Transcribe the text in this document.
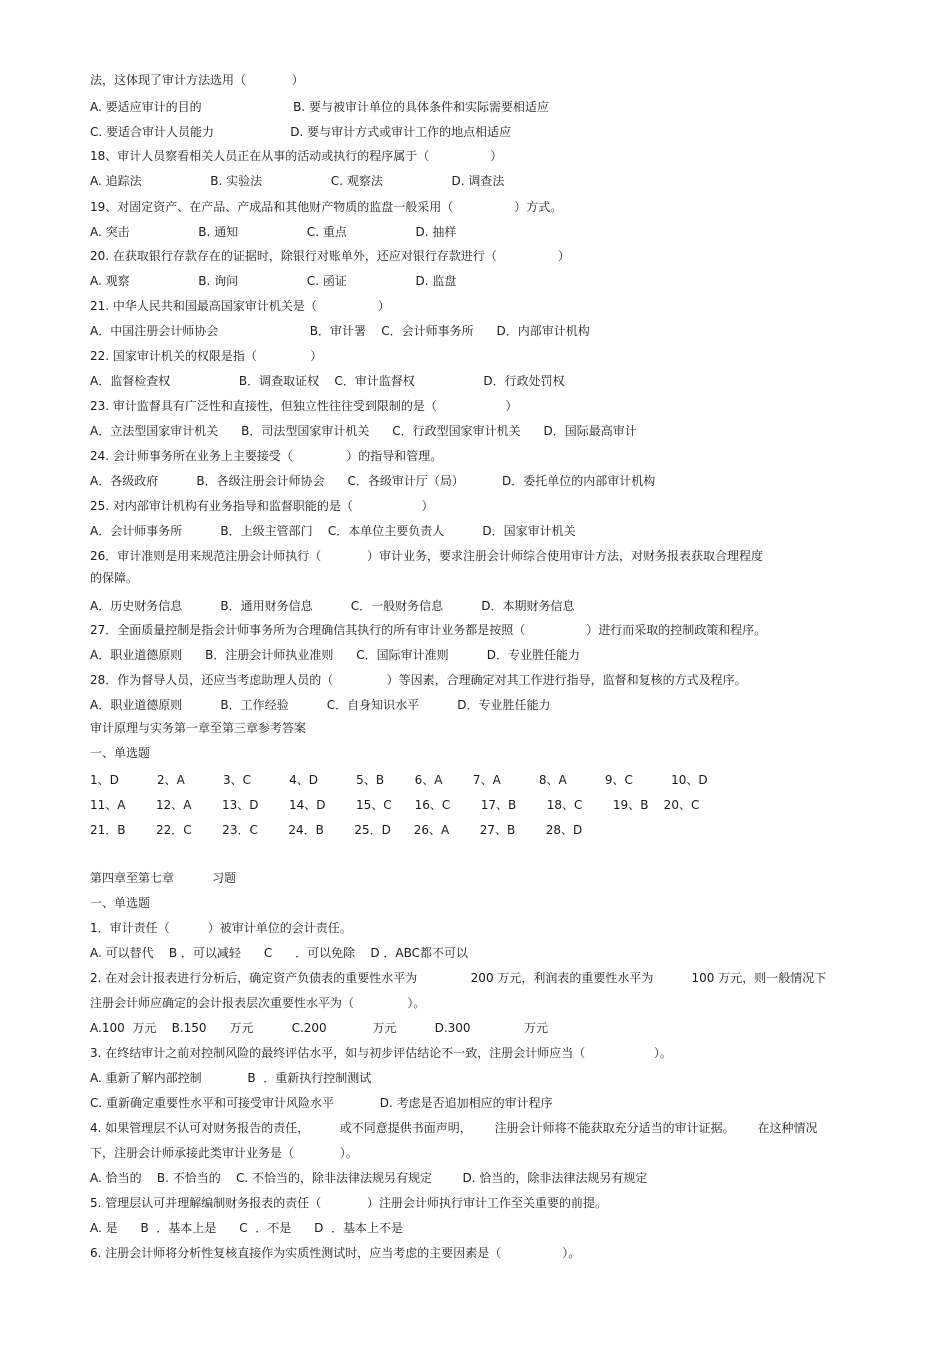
法，这体现了审计方法选用（            ）
A. 要适应审计的目的                        B. 要与被审计单位的具体条件和实际需要相适应
C. 要适合审计人员能力                    D. 要与审计方式或审计工作的地点相适应
18、审计人员察看相关人员正在从事的活动或执行的程序属于（                ）
A. 追踪法                  B. 实验法                  C. 观察法                  D. 调查法
19、对固定资产、在产品、产成品和其他财产物质的监盘一般采用（                ）方式。
A. 突击                  B. 通知                  C. 重点                  D. 抽样
20. 在获取银行存款存在的证据时，除银行对账单外，还应对银行存款进行（                ）
A. 观察                  B. 询问                  C. 函证                  D. 监盘
21. 中华人民共和国最高国家审计机关是（                ）
A．中国注册会计师协会                        B．审计署    C．会计师事务所      D．内部审计机构
22. 国家审计机关的权限是指（              ）
A．监督检查权                  B．调查取证权    C．审计监督权                  D．行政处罚权
23. 审计监督具有广泛性和直接性，但独立性往往受到限制的是（                  ）
A．立法型国家审计机关      B．司法型国家审计机关      C．行政型国家审计机关      D．国际最高审计
24. 会计师事务所在业务上主要接受（              ）的指导和管理。
A．各级政府          B．各级注册会计师协会      C．各级审计厅（局）          D．委托单位的内部审计机构
25. 对内部审计机构有业务指导和监督职能的是（                  ）
A．会计师事务所          B．上级主管部门    C．本单位主要负责人          D．国家审计机关
26．审计准则是用来规范注册会计师执行（            ）审计业务，要求注册会计师综合使用审计方法，对财务报表获取合理程度
的保障。
A．历史财务信息          B．通用财务信息          C．一般财务信息          D．本期财务信息
27．全面质量控制是指会计师事务所为合理确信其执行的所有审计业务都是按照（                ）进行而采取的控制政策和程序。
A．职业道德原则      B．注册会计师执业准则      C．国际审计准则          D．专业胜任能力
28．作为督导人员，还应当考虑助理人员的（              ）等因素，合理确定对其工作进行指导，监督和复核的方式及程序。
A．职业道德原则          B．工作经验          C．自身知识水平          D．专业胜任能力
审计原理与实务第一章至第三章参考答案
一、单选题
1、D          2、A          3、C          4、D          5、B        6、A        7、A          8、A          9、C          10、D
11、A        12、A        13、D        14、D        15、C      16、C        17、B        18、C        19、B    20、C
21．B        22．C        23．C        24．B        25．D      26、A        27、B        28、D
第四章至第七章          习题
一、单选题
1．审计责任（          ）被审计单位的会计责任。
A. 可以替代    B ．可以减轻      C      ．可以免除    D ．ABC都不可以
2. 在对会计报表进行分析后，确定资产负债表的重要性水平为              200 万元，利润表的重要性水平为          100 万元，则一般情况下
注册会计师应确定的会计报表层次重要性水平为（              ）。
A.100  万元    B.150      万元          C.200            万元          D.300              万元
3. 在终结审计之前对控制风险的最终评估水平，如与初步评估结论不一致，注册会计师应当（                  ）。
A. 重新了解内部控制            B  ．重新执行控制测试
C. 重新确定重要性水平和可接受审计风险水平            D. 考虑是否追加相应的审计程序
4. 如果管理层不认可对财务报告的责任，        或不同意提供书面声明，      注册会计师将不能获取充分适当的审计证据。      在这种情况
下，注册会计师承接此类审计业务是（            ）。
A. 恰当的    B. 不恰当的    C. 不恰当的，除非法律法规另有规定        D. 恰当的，除非法律法规另有规定
5. 管理层认可并理解编制财务报表的责任（            ）注册会计师执行审计工作至关重要的前提。
A. 是      B  ．基本上是      C  ．不是      D  ．基本上不是
6. 注册会计师将分析性复核直接作为实质性测试时，应当考虑的主要因素是（                ）。
